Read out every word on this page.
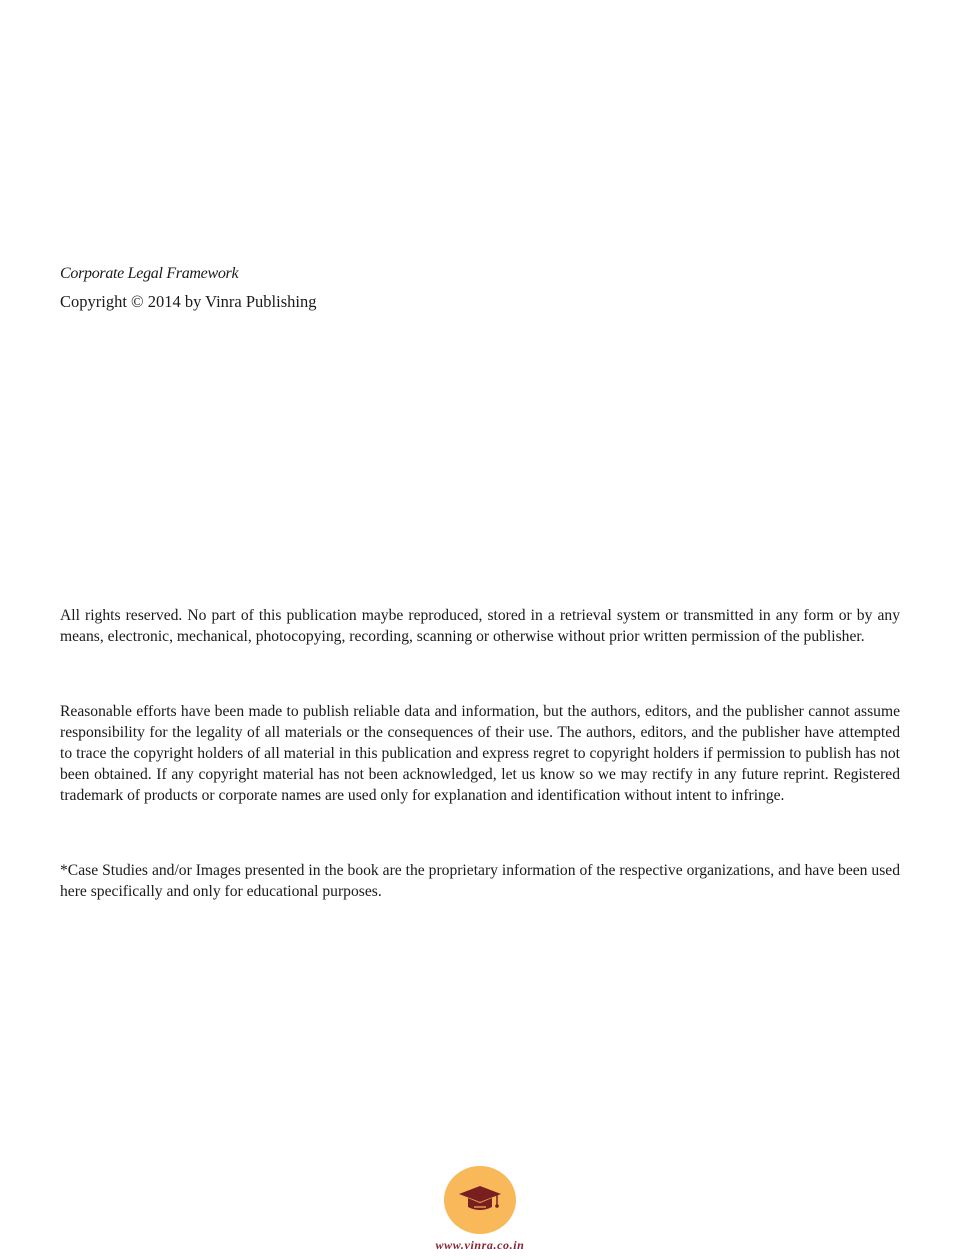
Corporate Legal Framework

Copyright © 2014 by Vinra Publishing

All rights reserved. No part of this publication maybe reproduced, stored in a retrieval system or transmitted in any form or by any means, electronic, mechanical, photocopying, recording, scanning or otherwise without prior written permission of the publisher.

Reasonable efforts have been made to publish reliable data and information, but the authors, editors, and the publisher cannot assume responsibility for the legality of all materials or the consequences of their use. The authors, editors, and the publisher have attempted to trace the copyright holders of all material in this publication and express regret to copyright holders if permission to publish has not been obtained. If any copyright material has not been acknowledged, let us know so we may rectify in any future reprint. Registered trademark of products or corporate names are used only for explanation and identification without intent to infringe.

*Case Studies and/or Images presented in the book are the proprietary information of the respective organizations, and have been used here specifically and only for educational purposes.

www.vinra.co.in
